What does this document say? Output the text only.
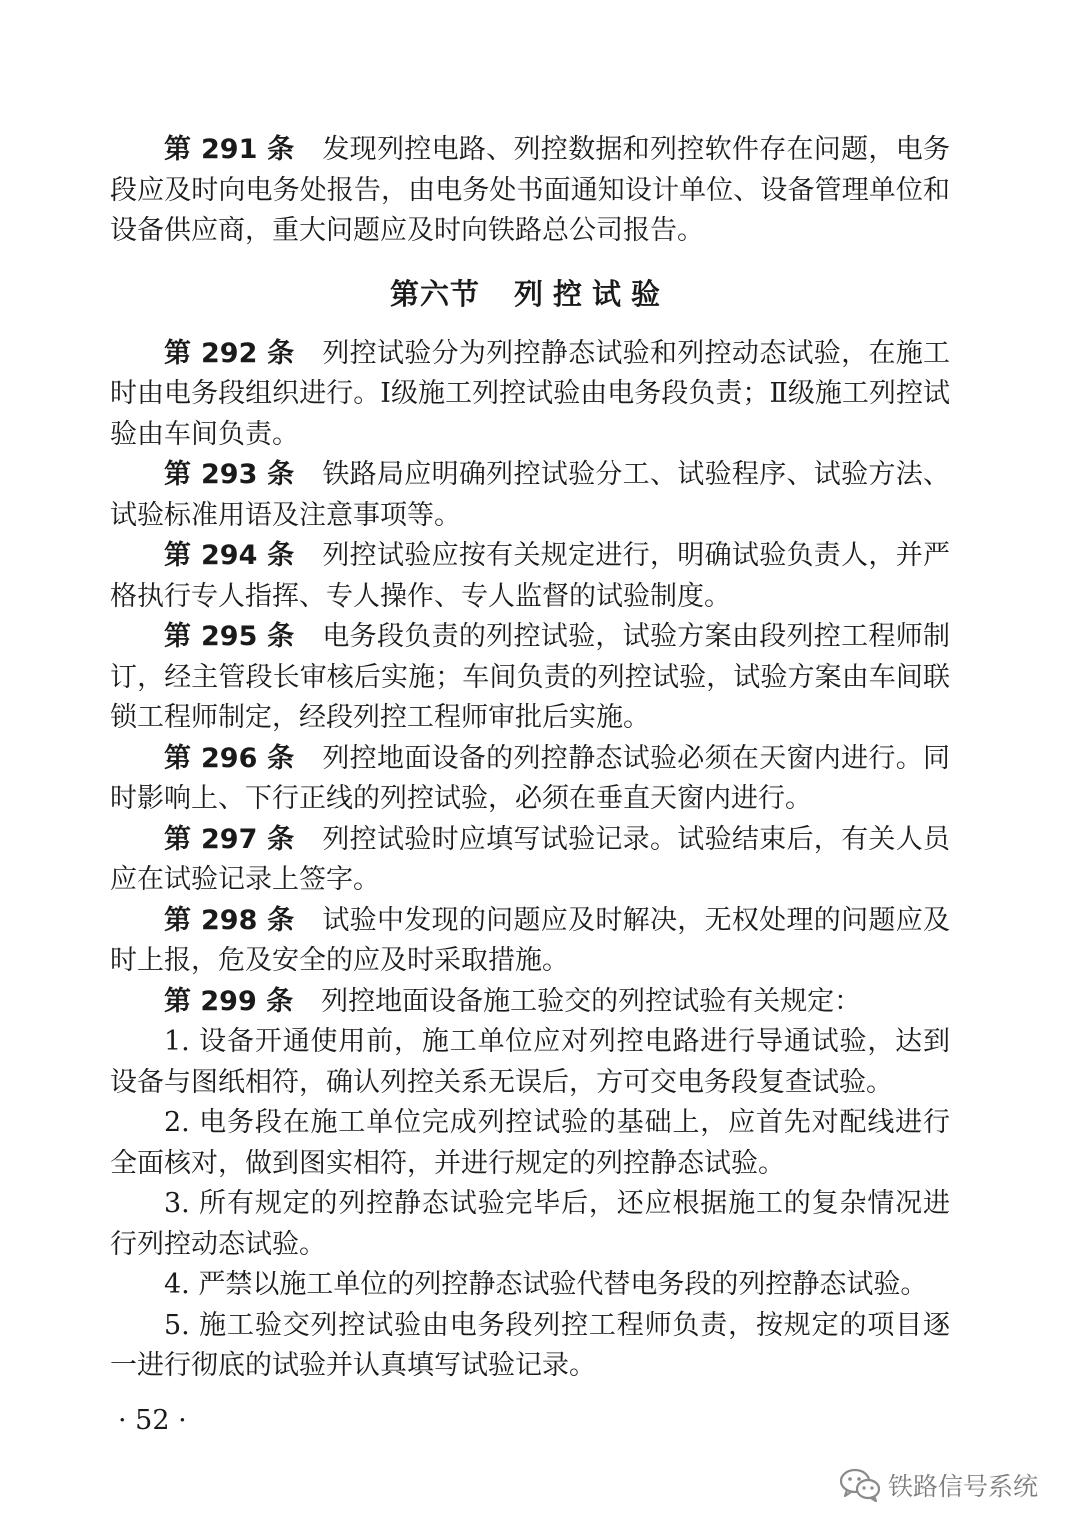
第 291 条 发现列控电路、列控数据和列控软件存在问题，电务段应及时向电务处报告，由电务处书面通知设计单位、设备管理单位和设备供应商，重大问题应及时向铁路总公司报告。

第六节 列控试验

第 292 条 列控试验分为列控静态试验和列控动态试验，在施工时由电务段组织进行。Ⅰ级施工列控试验由电务段负责；Ⅱ级施工列控试验由车间负责。

第 293 条 铁路局应明确列控试验分工、试验程序、试验方法、试验标准用语及注意事项等。

第 294 条 列控试验应按有关规定进行，明确试验负责人，并严格执行专人指挥、专人操作、专人监督的试验制度。

第 295 条 电务段负责的列控试验，试验方案由段列控工程师制订，经主管段长审核后实施；车间负责的列控试验，试验方案由车间联锁工程师制定，经段列控工程师审批后实施。

第 296 条 列控地面设备的列控静态试验必须在天窗内进行。同时影响上、下行正线的列控试验，必须在垂直天窗内进行。

第 297 条 列控试验时应填写试验记录。试验结束后，有关人员应在试验记录上签字。

第 298 条 试验中发现的问题应及时解决，无权处理的问题应及时上报，危及安全的应及时采取措施。

第 299 条 列控地面设备施工验交的列控试验有关规定：

1. 设备开通使用前，施工单位应对列控电路进行导通试验，达到设备与图纸相符，确认列控关系无误后，方可交电务段复查试验。

2. 电务段在施工单位完成列控试验的基础上，应首先对配线进行全面核对，做到图实相符，并进行规定的列控静态试验。

3. 所有规定的列控静态试验完毕后，还应根据施工的复杂情况进行列控动态试验。

4. 严禁以施工单位的列控静态试验代替电务段的列控静态试验。

5. 施工验交列控试验由电务段列控工程师负责，按规定的项目逐一进行彻底的试验并认真填写试验记录。

· 52 ·
铁路信号系统
